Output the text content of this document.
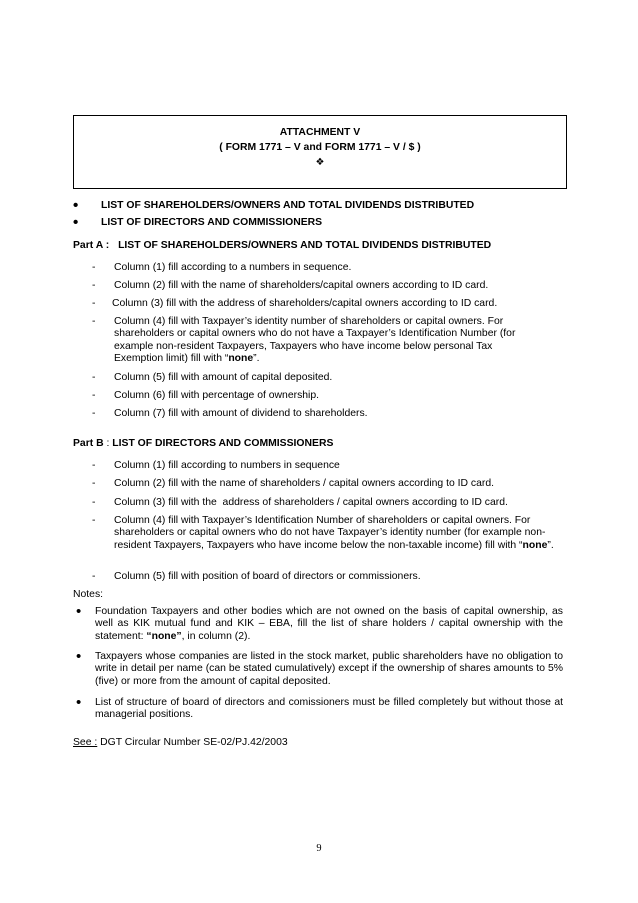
ATTACHMENT V
( FORM 1771 – V and FORM 1771 – V / $ )
❖
• LIST OF SHAREHOLDERS/OWNERS AND TOTAL DIVIDENDS DISTRIBUTED
• LIST OF DIRECTORS AND COMMISSIONERS
Part A : LIST OF SHAREHOLDERS/OWNERS AND TOTAL DIVIDENDS DISTRIBUTED
- Column (1) fill according to a numbers in sequence.
- Column (2) fill with the name of shareholders/capital owners according to ID card.
- Column (3) fill with the address of shareholders/capital owners according to ID card.
- Column (4) fill with Taxpayer’s identity number of shareholders or capital owners. For shareholders or capital owners who do not have a Taxpayer’s Identification Number (for example non-resident Taxpayers, Taxpayers who have income below personal Tax Exemption limit) fill with “none”.
- Column (5) fill with amount of capital deposited.
- Column (6) fill with percentage of ownership.
- Column (7) fill with amount of dividend to shareholders.
Part B : LIST OF DIRECTORS AND COMMISSIONERS
- Column (1) fill according to numbers in sequence
- Column (2) fill with the name of shareholders / capital owners according to ID card.
- Column (3) fill with the  address of shareholders / capital owners according to ID card.
- Column (4) fill with Taxpayer’s Identification Number of shareholders or capital owners. For shareholders or capital owners who do not have Taxpayer’s identity number (for example non-resident Taxpayers, Taxpayers who have income below the non-taxable income) fill with “none”.
- Column (5) fill with position of board of directors or commissioners.
Notes:
• Foundation Taxpayers and other bodies which are not owned on the basis of capital ownership, as well as KIK mutual fund and KIK – EBA, fill the list of share holders / capital ownership with the statement: “none”, in column (2).
• Taxpayers whose companies are listed in the stock market, public shareholders have no obligation to write in detail per name (can be stated cumulatively) except if the ownership of shares amounts to 5% (five) or more from the amount of capital deposited.
• List of structure of board of directors and comissioners must be filled completely but without those at managerial positions.
See : DGT Circular Number SE-02/PJ.42/2003
9
